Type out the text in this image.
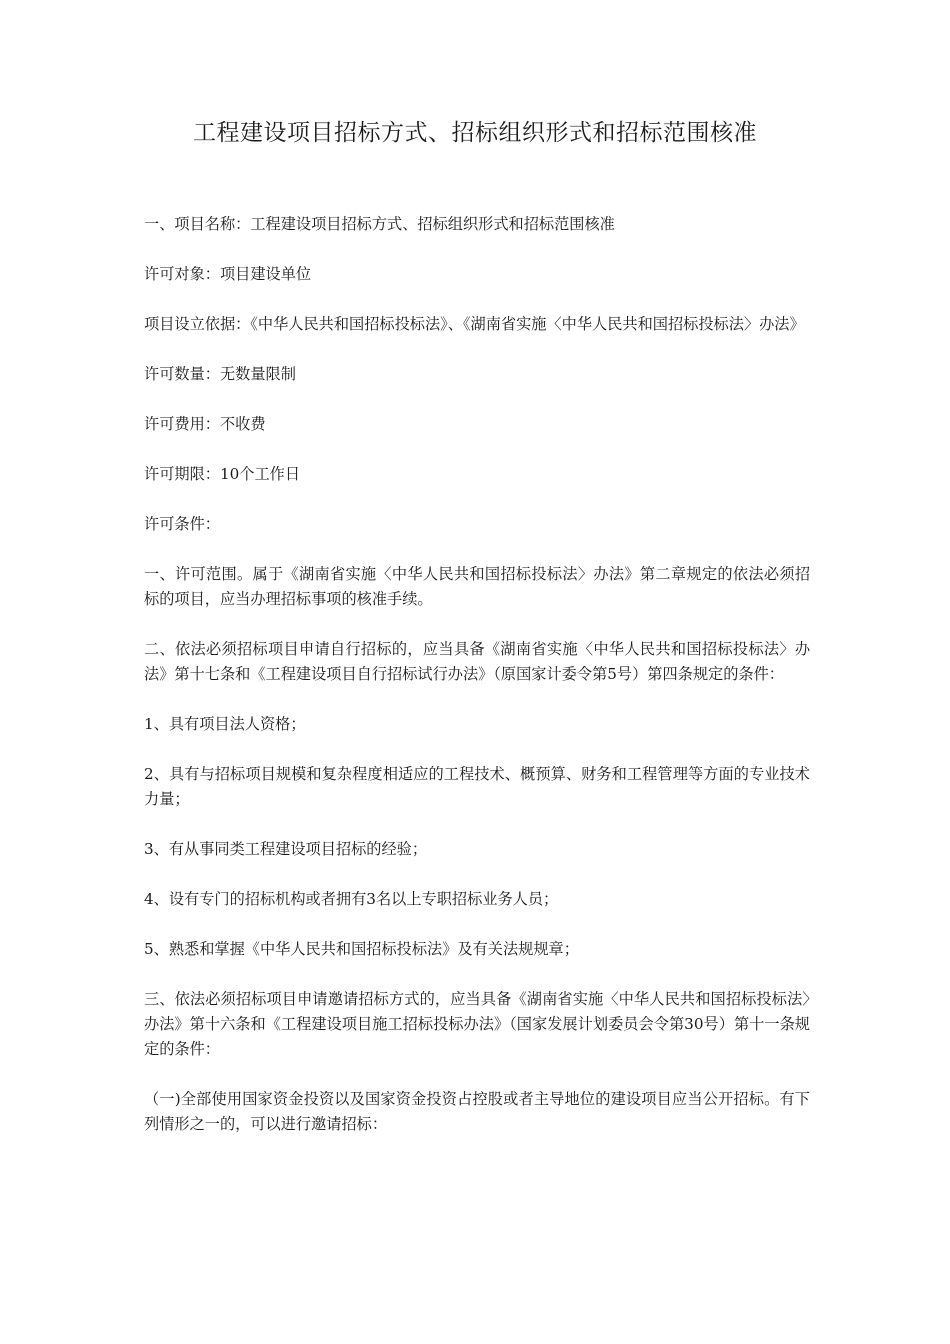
工程建设项目招标方式、招标组织形式和招标范围核准

一、项目名称：工程建设项目招标方式、招标组织形式和招标范围核准

许可对象：项目建设单位

项目设立依据：《中华人民共和国招标投标法》、《湖南省实施〈中华人民共和国招标投标法〉办法》

许可数量：无数量限制

许可费用：不收费

许可期限：10个工作日

许可条件：

一、许可范围。属于《湖南省实施〈中华人民共和国招标投标法〉办法》第二章规定的依法必须招标的项目，应当办理招标事项的核准手续。

二、依法必须招标项目申请自行招标的，应当具备《湖南省实施〈中华人民共和国招标投标法〉办法》第十七条和《工程建设项目自行招标试行办法》（原国家计委令第5号）第四条规定的条件：

1、具有项目法人资格；

2、具有与招标项目规模和复杂程度相适应的工程技术、概预算、财务和工程管理等方面的专业技术力量；

3、有从事同类工程建设项目招标的经验；

4、设有专门的招标机构或者拥有3名以上专职招标业务人员；

5、熟悉和掌握《中华人民共和国招标投标法》及有关法规规章；

三、依法必须招标项目申请邀请招标方式的，应当具备《湖南省实施〈中华人民共和国招标投标法〉办法》第十六条和《工程建设项目施工招标投标办法》（国家发展计划委员会令第30号）第十一条规定的条件：

（一)全部使用国家资金投资以及国家资金投资占控股或者主导地位的建设项目应当公开招标。有下列情形之一的，可以进行邀请招标：
